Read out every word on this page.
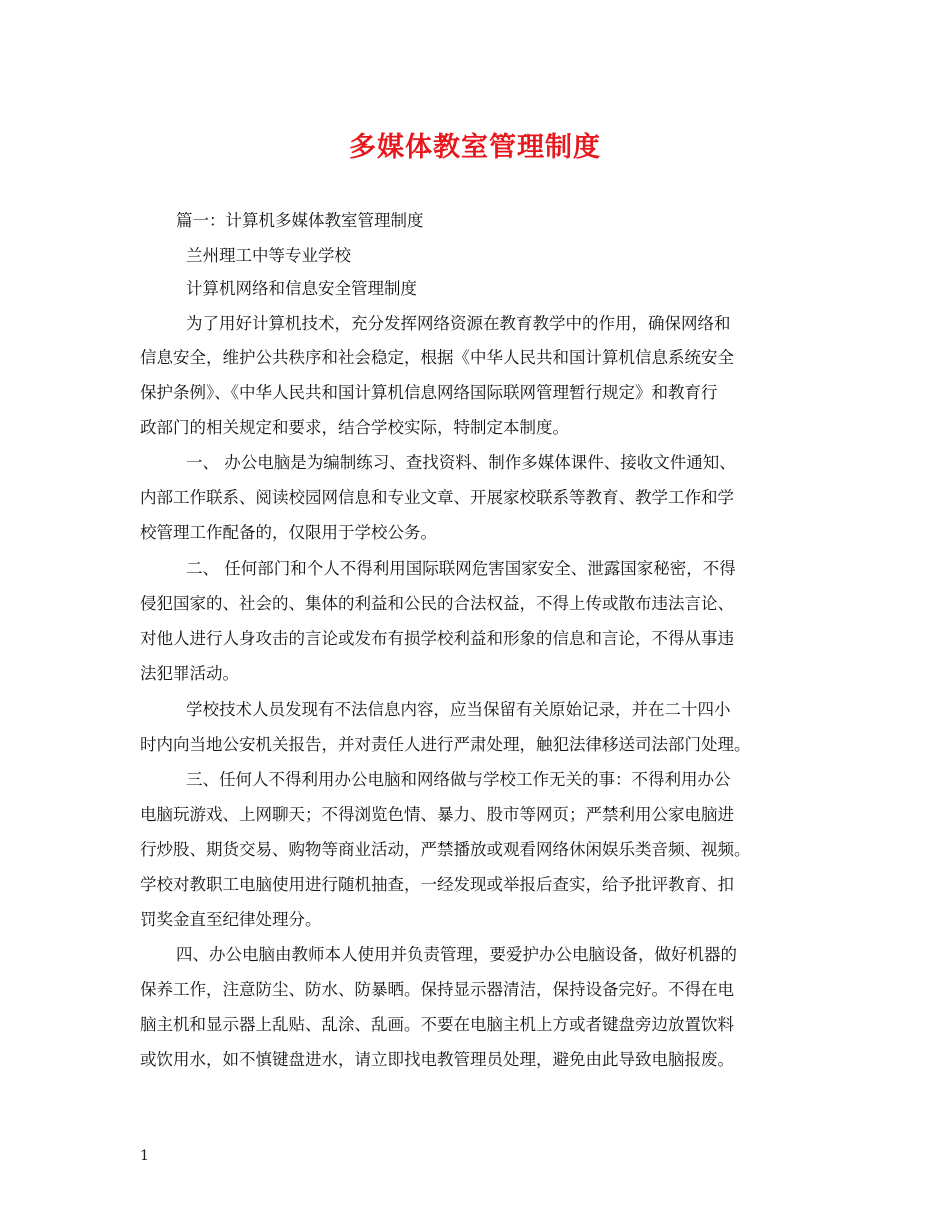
多媒体教室管理制度
篇一：计算机多媒体教室管理制度
兰州理工中等专业学校
计算机网络和信息安全管理制度
为了用好计算机技术，充分发挥网络资源在教育教学中的作用，确保网络和
信息安全，维护公共秩序和社会稳定，根据《中华人民共和国计算机信息系统安全
保护条例》、《中华人民共和国计算机信息网络国际联网管理暂行规定》和教育行
政部门的相关规定和要求，结合学校实际，特制定本制度。
一、 办公电脑是为编制练习、查找资料、制作多媒体课件、接收文件通知、
内部工作联系、阅读校园网信息和专业文章、开展家校联系等教育、教学工作和学
校管理工作配备的，仅限用于学校公务。
二、 任何部门和个人不得利用国际联网危害国家安全、泄露国家秘密，不得
侵犯国家的、社会的、集体的利益和公民的合法权益，不得上传或散布违法言论、
对他人进行人身攻击的言论或发布有损学校利益和形象的信息和言论，不得从事违
法犯罪活动。
学校技术人员发现有不法信息内容，应当保留有关原始记录，并在二十四小
时内向当地公安机关报告，并对责任人进行严肃处理，触犯法律移送司法部门处理。
三、任何人不得利用办公电脑和网络做与学校工作无关的事：不得利用办公
电脑玩游戏、上网聊天；不得浏览色情、暴力、股市等网页；严禁利用公家电脑进
行炒股、期货交易、购物等商业活动，严禁播放或观看网络休闲娱乐类音频、视频。
学校对教职工电脑使用进行随机抽查，一经发现或举报后查实，给予批评教育、扣
罚奖金直至纪律处理分。
四、办公电脑由教师本人使用并负责管理，要爱护办公电脑设备，做好机器的
保养工作，注意防尘、防水、防暴晒。保持显示器清洁，保持设备完好。不得在电
脑主机和显示器上乱贴、乱涂、乱画。不要在电脑主机上方或者键盘旁边放置饮料
或饮用水，如不慎键盘进水，请立即找电教管理员处理，避免由此导致电脑报废。
1
